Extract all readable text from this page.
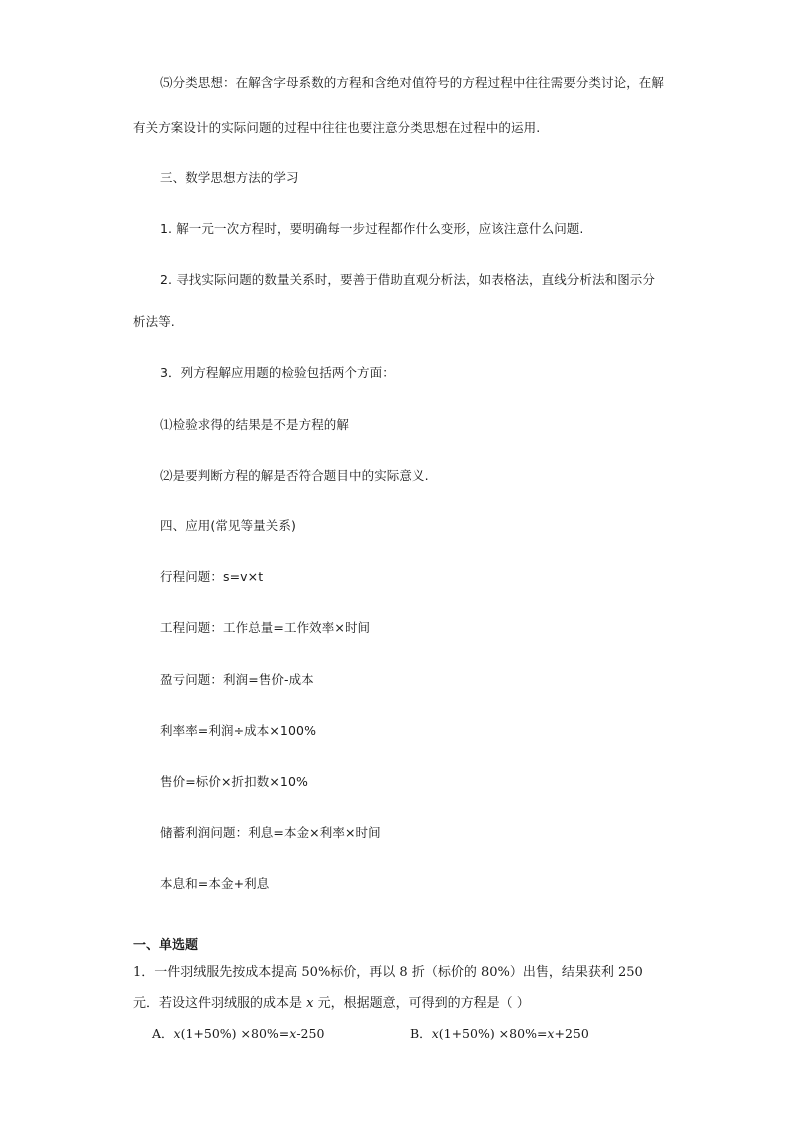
⑸分类思想：在解含字母系数的方程和含绝对值符号的方程过程中往往需要分类讨论，在解
有关方案设计的实际问题的过程中往往也要注意分类思想在过程中的运用.
三、数学思想方法的学习
1. 解一元一次方程时，要明确每一步过程都作什么变形，应该注意什么问题.
2. 寻找实际问题的数量关系时，要善于借助直观分析法，如表格法，直线分析法和图示分
析法等.
3．列方程解应用题的检验包括两个方面：
⑴检验求得的结果是不是方程的解
⑵是要判断方程的解是否符合题目中的实际意义.
四、应用(常见等量关系)
行程问题：s=v×t
工程问题：工作总量=工作效率×时间
盈亏问题：利润=售价-成本
利率率=利润÷成本×100%
售价=标价×折扣数×10%
储蓄利润问题：利息=本金×利率×时间
本息和=本金+利息
一、单选题
1．一件羽绒服先按成本提高 50%标价，再以 8 折（标价的 80%）出售，结果获利 250
元．若设这件羽绒服的成本是 x 元，根据题意，可得到的方程是（ ）
A．x(1+50%) ×80%=x-250	B．x(1+50%) ×80%=x+250
